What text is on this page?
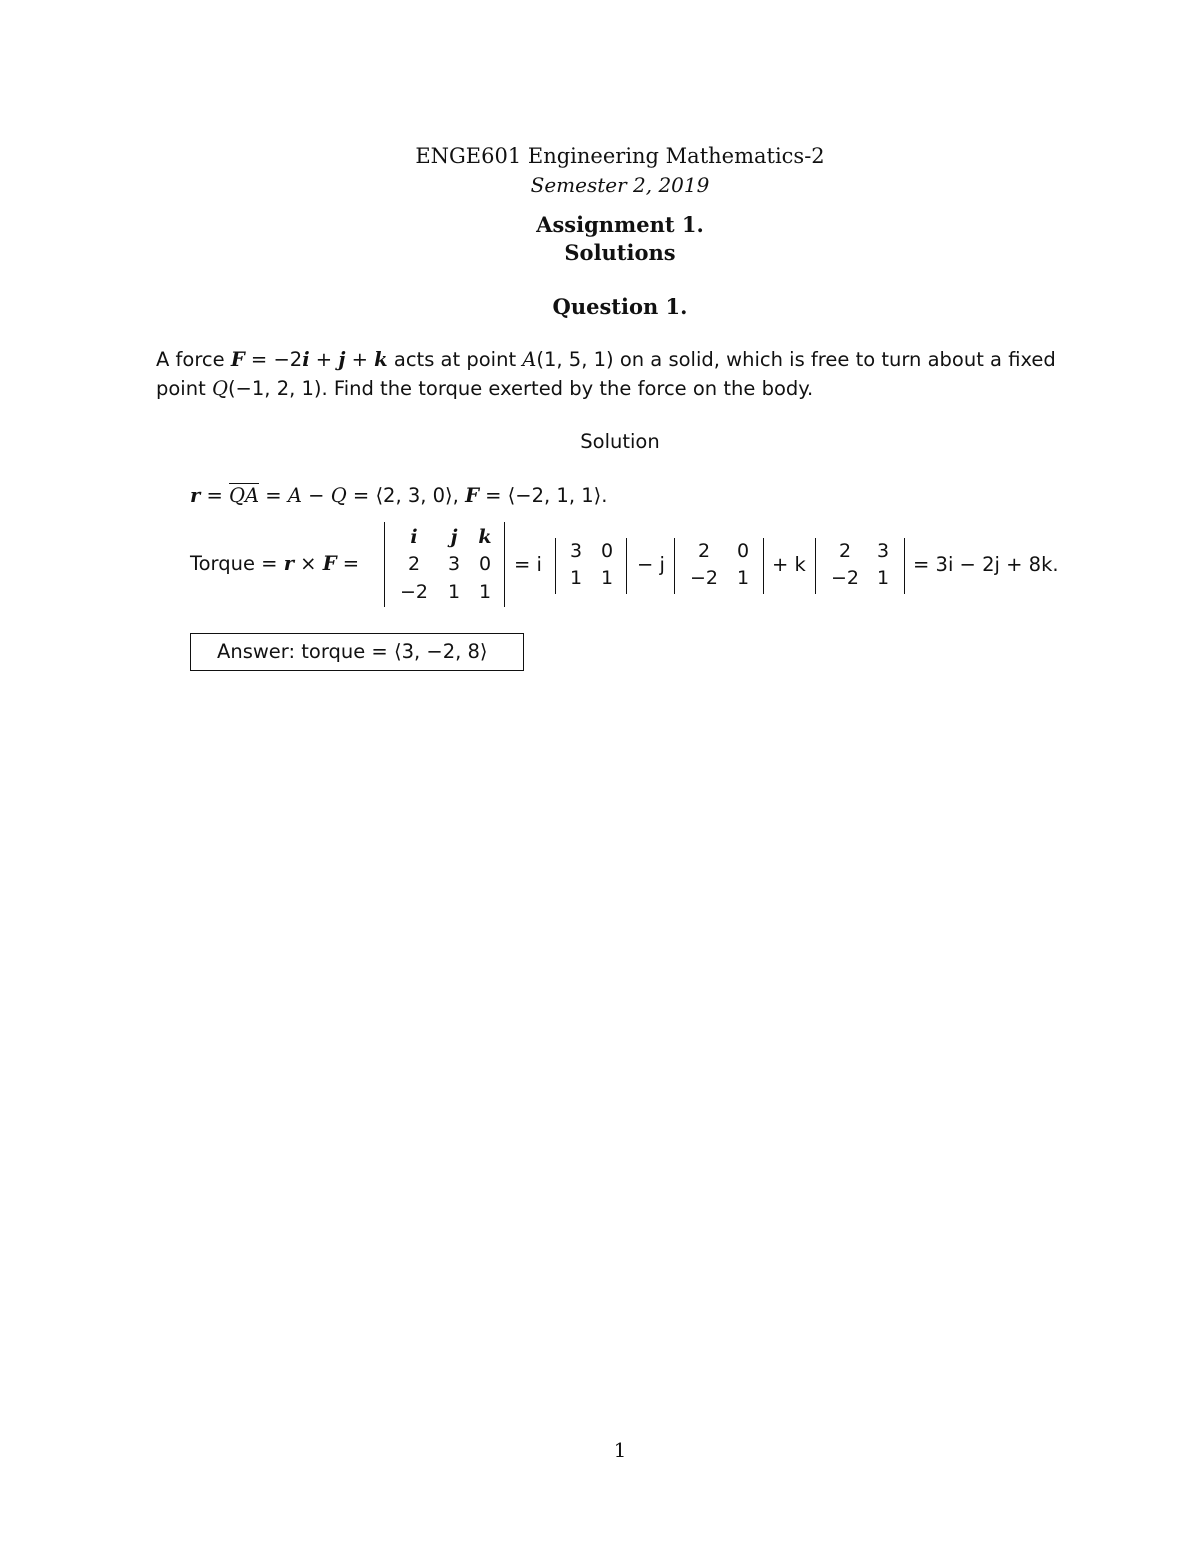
ENGE601 Engineering Mathematics-2
Semester 2, 2019
Assignment 1.
Solutions
Question 1.
A force F = −2i + j + k acts at point A(1, 5, 1) on a solid, which is free to turn about a fixed
point Q(−1, 2, 1). Find the torque exerted by the force on the body.
Solution
r = QA = A − Q = ⟨2, 3, 0⟩, F = ⟨−2, 1, 1⟩.
Torque = r × F =
i	j	k
2	3 0
−2	1 1
= i
3 0
1 1
− j
2	0
−2 1
+ k
2	3
−2 1
= 3i − 2j + 8k.
Answer: torque = ⟨3, −2, 8⟩
1
